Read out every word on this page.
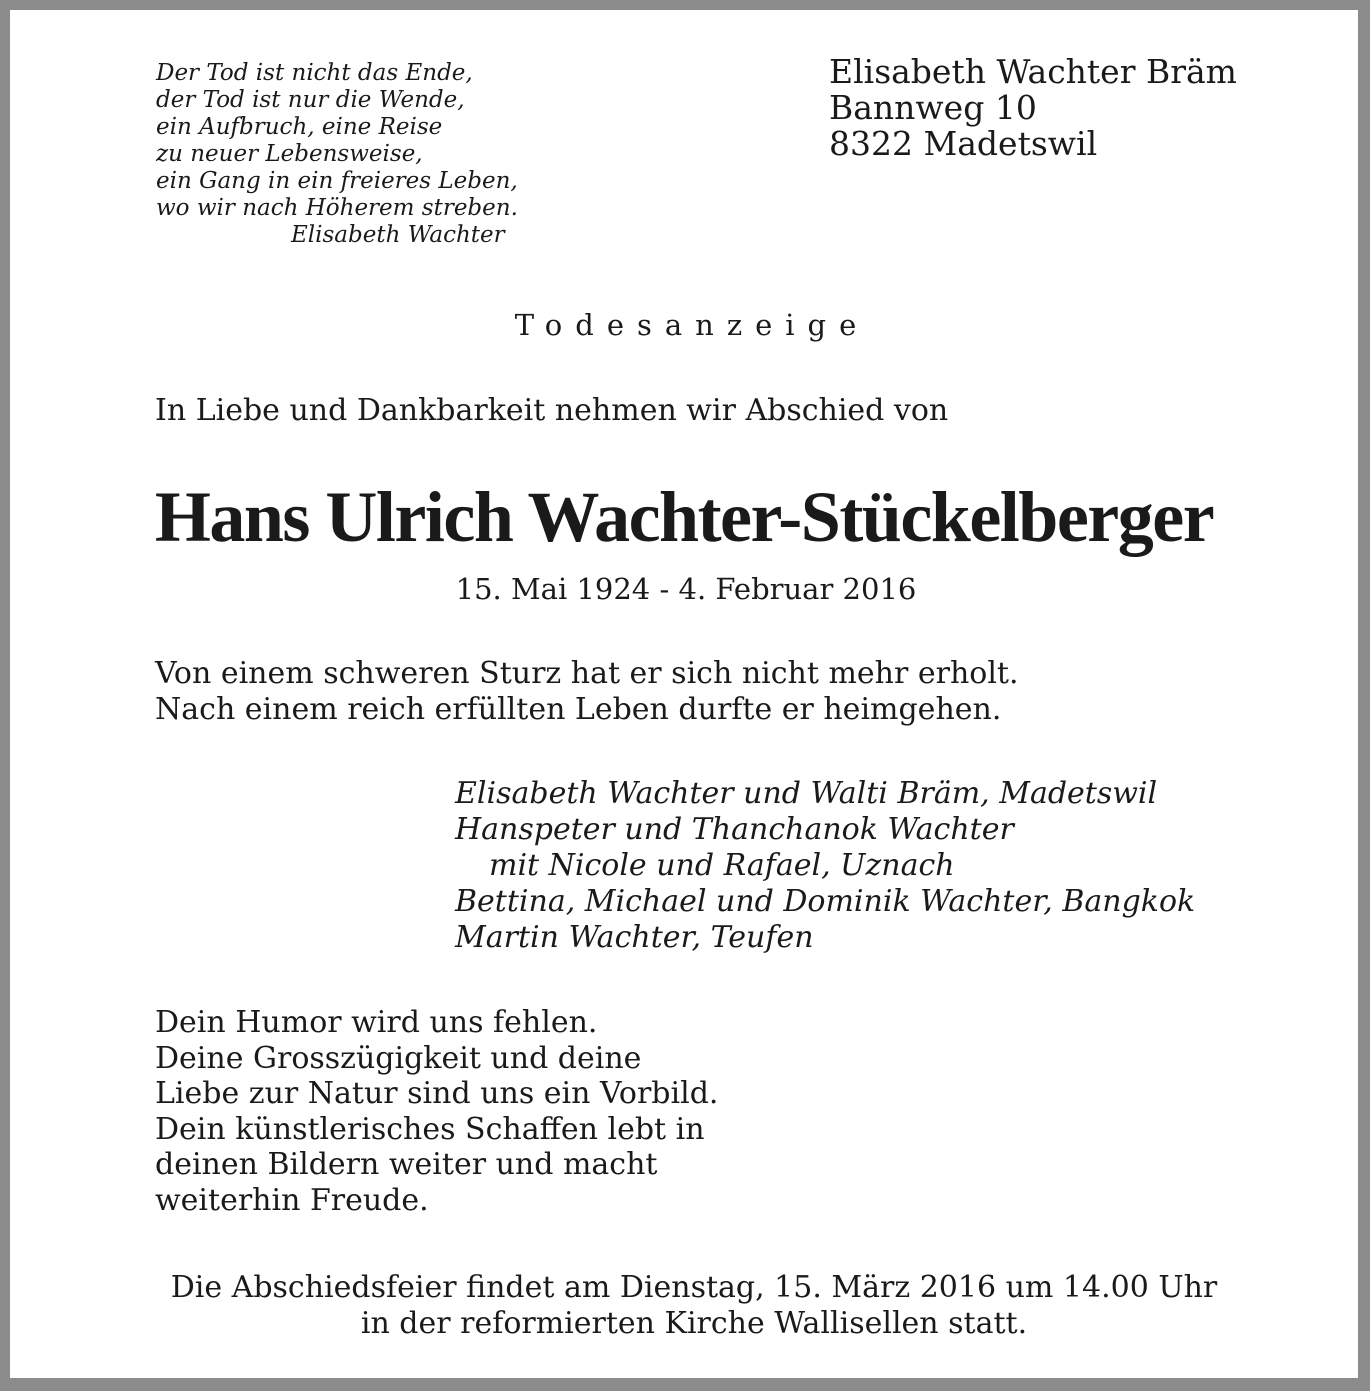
Der Tod ist nicht das Ende,
der Tod ist nur die Wende,
ein Aufbruch, eine Reise
zu neuer Lebensweise,
ein Gang in ein freieres Leben,
wo wir nach Höherem streben.
Elisabeth Wachter
Elisabeth Wachter Bräm
Bannweg 10
8322 Madetswil
Todesanzeige
In Liebe und Dankbarkeit nehmen wir Abschied von
Hans Ulrich Wachter-Stückelberger
15. Mai 1924 - 4. Februar 2016
Von einem schweren Sturz hat er sich nicht mehr erholt.
Nach einem reich erfüllten Leben durfte er heimgehen.
Elisabeth Wachter und Walti Bräm, Madetswil
Hanspeter und Thanchanok Wachter
mit Nicole und Rafael, Uznach
Bettina, Michael und Dominik Wachter, Bangkok
Martin Wachter, Teufen
Dein Humor wird uns fehlen.
Deine Grosszügigkeit und deine
Liebe zur Natur sind uns ein Vorbild.
Dein künstlerisches Schaffen lebt in
deinen Bildern weiter und macht
weiterhin Freude.
Die Abschiedsfeier findet am Dienstag, 15. März 2016 um 14.00 Uhr
in der reformierten Kirche Wallisellen statt.
